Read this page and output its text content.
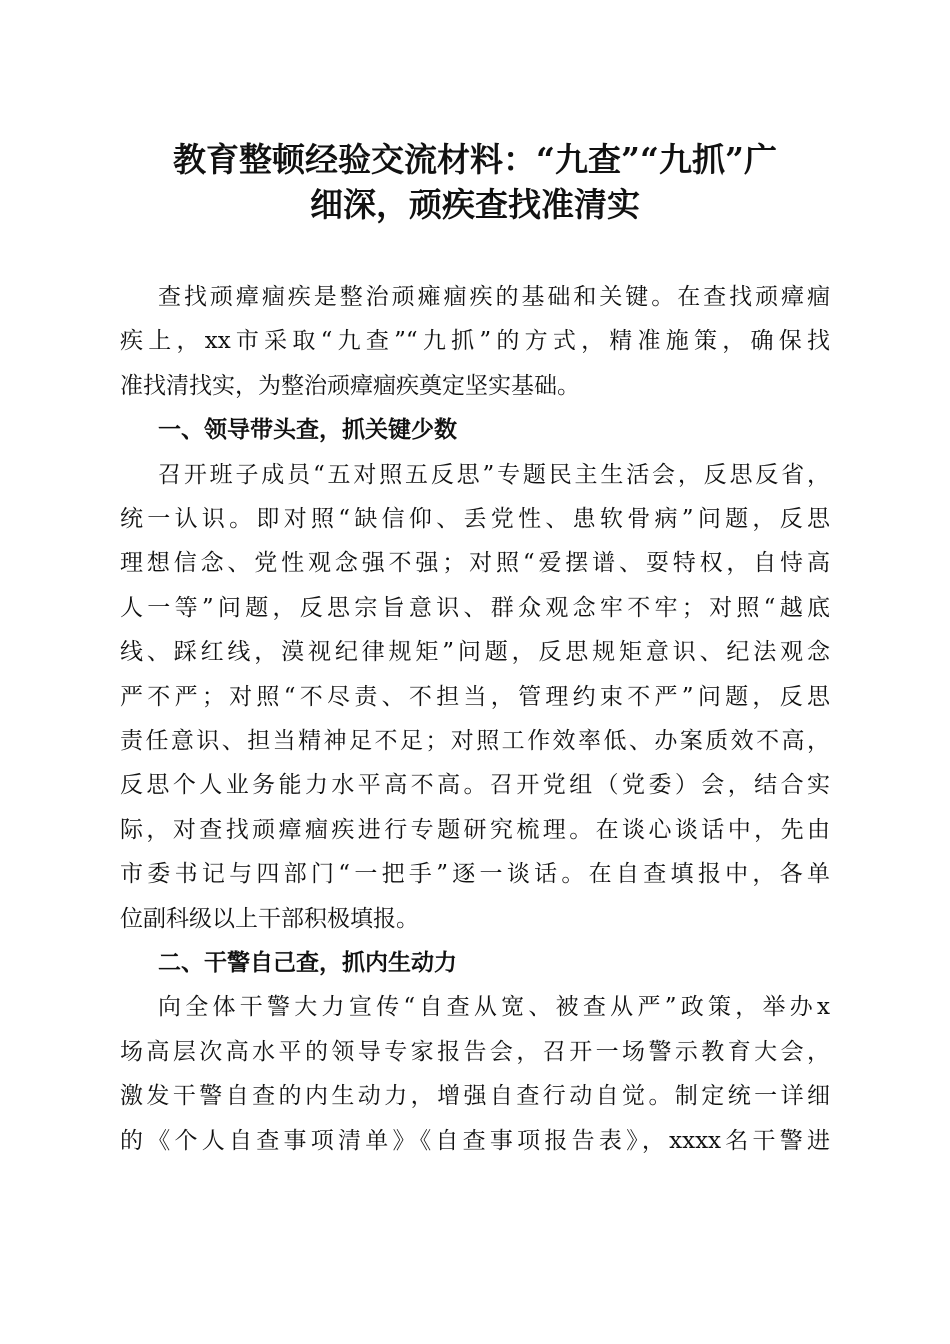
教育整顿经验交流材料：“九查”“九抓”广
细深，顽疾查找准清实
查找顽瘴痼疾是整治顽瘫痼疾的基础和关键。在查找顽瘴痼
疾上，xx市采取“九查”“九抓”的方式，精准施策，确保找
准找清找实，为整治顽瘴痼疾奠定坚实基础。
一、领导带头查，抓关键少数
召开班子成员“五对照五反思”专题民主生活会，反思反省，
统一认识。即对照“缺信仰、丢党性、患软骨病”问题，反思
理想信念、党性观念强不强；对照“爱摆谱、耍特权，自恃高
人一等”问题，反思宗旨意识、群众观念牢不牢；对照“越底
线、踩红线，漠视纪律规矩”问题，反思规矩意识、纪法观念
严不严；对照“不尽责、不担当，管理约束不严”问题，反思
责任意识、担当精神足不足；对照工作效率低、办案质效不高，
反思个人业务能力水平高不高。召开党组（党委）会，结合实
际，对查找顽瘴痼疾进行专题研究梳理。在谈心谈话中，先由
市委书记与四部门“一把手”逐一谈话。在自查填报中，各单
位副科级以上干部积极填报。
二、干警自己查，抓内生动力
向全体干警大力宣传“自查从宽、被查从严”政策，举办x
场高层次高水平的领导专家报告会，召开一场警示教育大会，
激发干警自查的内生动力，增强自查行动自觉。制定统一详细
的《个人自查事项清单》《自查事项报告表》，xxxx名干警进
